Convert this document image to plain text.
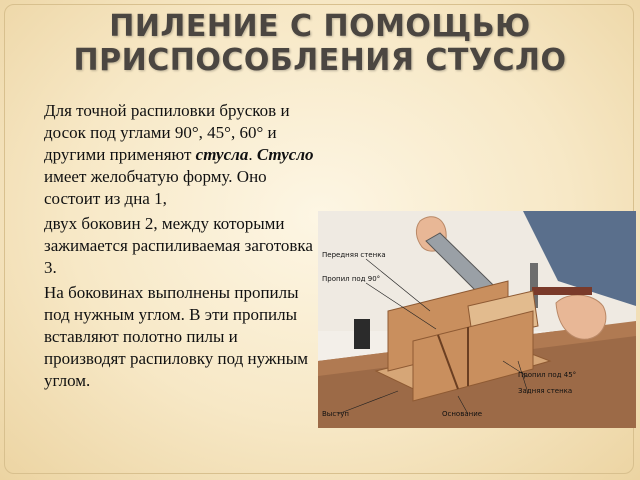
ПИЛЕНИЕ С ПОМОЩЬЮ
ПРИСПОСОБЛЕНИЯ СТУСЛО

Для точной распиловки брусков и досок под углами 90°, 45°, 60° и другими применяют стусла. Стусло имеет желобчатую форму. Оно состоит из дна 1,

двух боковин 2, между которыми зажимается распиливаемая заготовка 3.

На боковинах выполнены пропилы под нужным углом. В эти пропилы вставляют полотно пилы и производят распиловку под нужным углом.

Передняя стенка
Пропил под 90°
Пропил под 45°
Задняя стенка
Выступ	Основание
